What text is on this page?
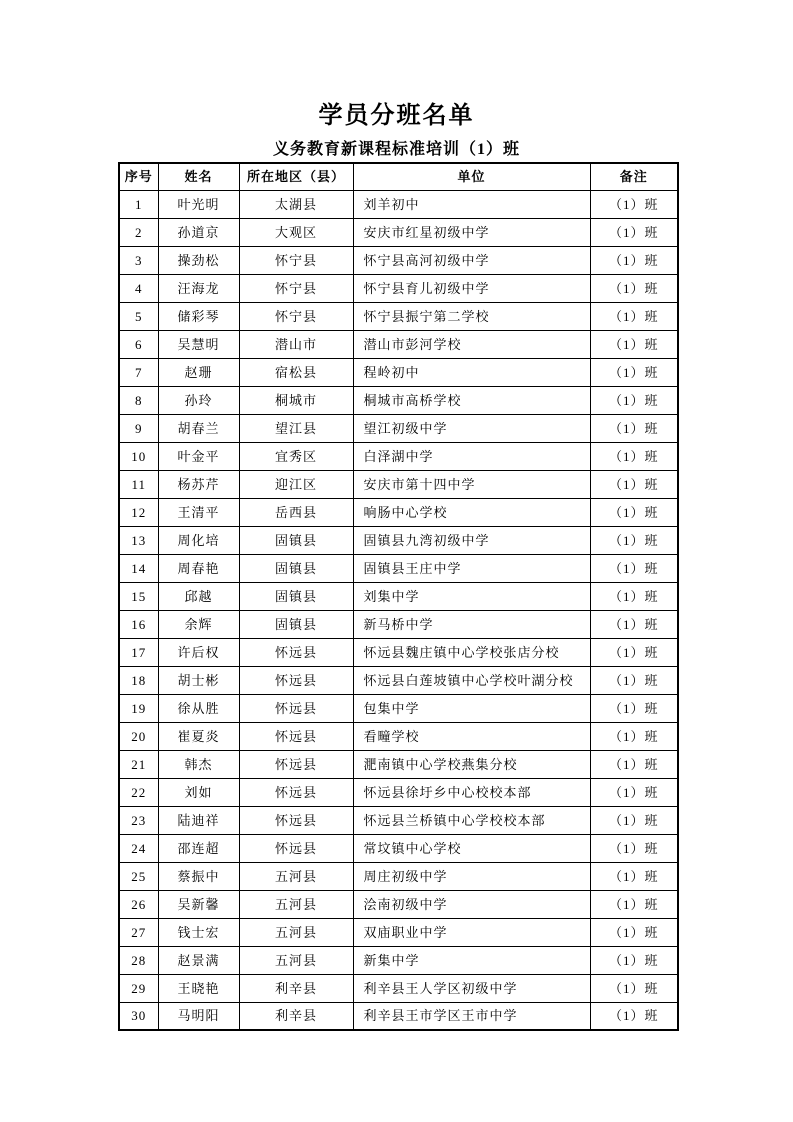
学员分班名单
义务教育新课程标准培训（1）班
序号	姓名	所在地区（县）	单位	备注
1	叶光明	太湖县	刘羊初中	（1）班
2	孙道京	大观区	安庆市红星初级中学	（1）班
3	操劲松	怀宁县	怀宁县高河初级中学	（1）班
4	汪海龙	怀宁县	怀宁县育儿初级中学	（1）班
5	储彩琴	怀宁县	怀宁县振宁第二学校	（1）班
6	吴慧明	潜山市	潜山市彭河学校	（1）班
7	赵珊	宿松县	程岭初中	（1）班
8	孙玲	桐城市	桐城市高桥学校	（1）班
9	胡春兰	望江县	望江初级中学	（1）班
10	叶金平	宜秀区	白泽湖中学	（1）班
11	杨苏芹	迎江区	安庆市第十四中学	（1）班
12	王清平	岳西县	响肠中心学校	（1）班
13	周化培	固镇县	固镇县九湾初级中学	（1）班
14	周春艳	固镇县	固镇县王庄中学	（1）班
15	邱越	固镇县	刘集中学	（1）班
16	余辉	固镇县	新马桥中学	（1）班
17	许后权	怀远县	怀远县魏庄镇中心学校张店分校	（1）班
18	胡士彬	怀远县	怀远县白莲坡镇中心学校叶湖分校	（1）班
19	徐从胜	怀远县	包集中学	（1）班
20	崔夏炎	怀远县	看疃学校	（1）班
21	韩杰	怀远县	淝南镇中心学校燕集分校	（1）班
22	刘如	怀远县	怀远县徐圩乡中心校校本部	（1）班
23	陆迪祥	怀远县	怀远县兰桥镇中心学校校本部	（1）班
24	邵连超	怀远县	常坟镇中心学校	（1）班
25	蔡振中	五河县	周庄初级中学	（1）班
26	吴新馨	五河县	浍南初级中学	（1）班
27	钱士宏	五河县	双庙职业中学	（1）班
28	赵景满	五河县	新集中学	（1）班
29	王晓艳	利辛县	利辛县王人学区初级中学	（1）班
30	马明阳	利辛县	利辛县王市学区王市中学	（1）班
